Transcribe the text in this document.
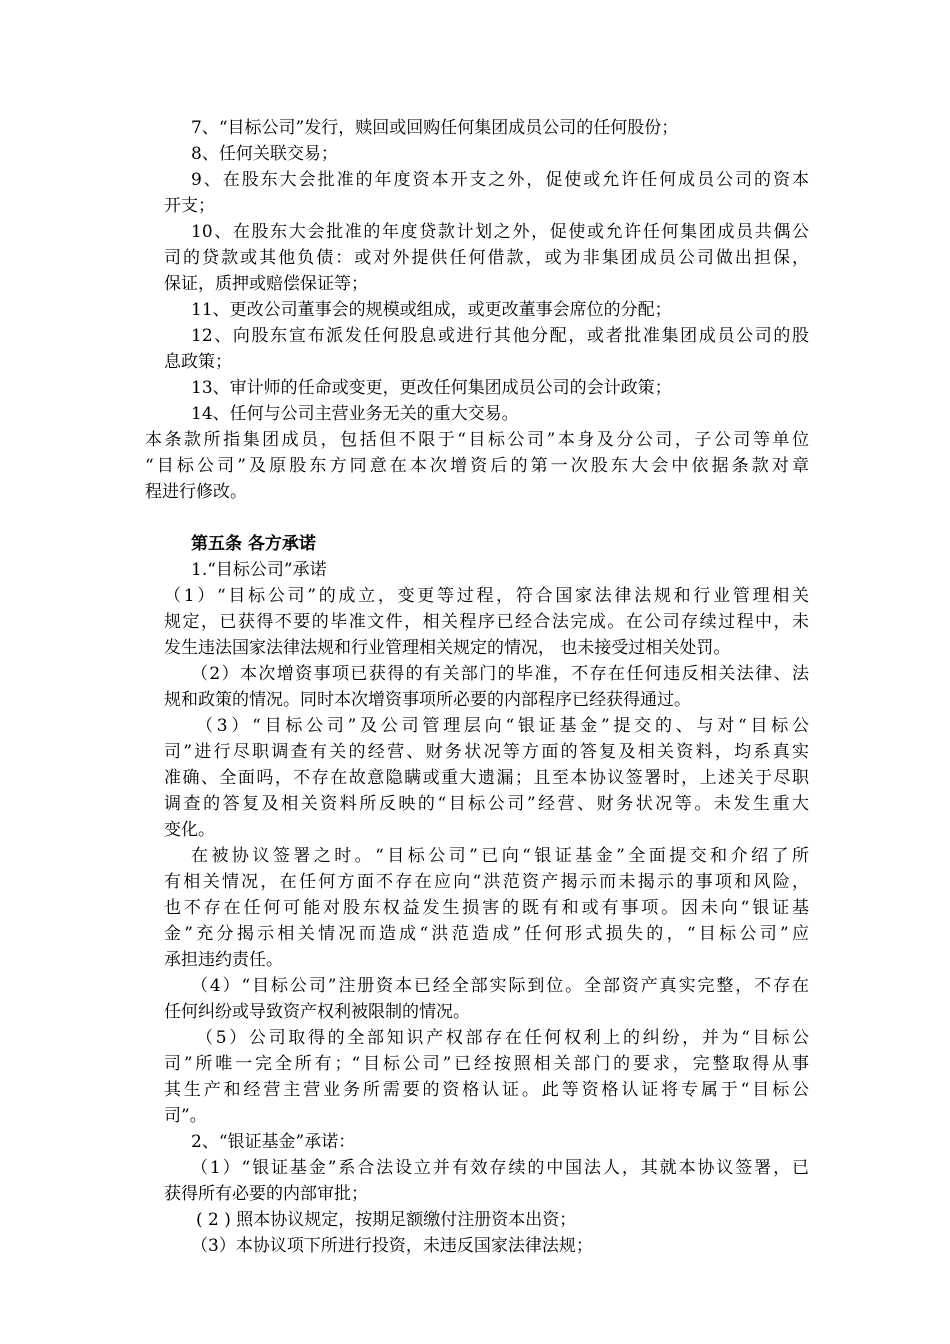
7、“目标公司”发行，赎回或回购任何集团成员公司的任何股份；
8、任何关联交易；
9、在股东大会批准的年度资本开支之外，促使或允许任何成员公司的资本
开支；
10、在股东大会批准的年度贷款计划之外，促使或允许任何集团成员共偶公
司的贷款或其他负债：或对外提供任何借款，或为非集团成员公司做出担保，
保证，质押或赔偿保证等；
11、更改公司董事会的规模或组成，或更改董事会席位的分配；
12、向股东宣布派发任何股息或进行其他分配，或者批准集团成员公司的股
息政策；
13、审计师的任命或变更，更改任何集团成员公司的会计政策；
14、任何与公司主营业务无关的重大交易。
本条款所指集团成员，包括但不限于“目标公司”本身及分公司，子公司等单位
“目标公司”及原股东方同意在本次增资后的第一次股东大会中依据条款对章
程进行修改。
第五条 各方承诺
1.“目标公司”承诺
（1）“目标公司”的成立，变更等过程，符合国家法律法规和行业管理相关
规定，已获得不要的毕准文件，相关程序已经合法完成。在公司存续过程中，未
发生违法国家法律法规和行业管理相关规定的情况， 也未接受过相关处罚。
（2）本次增资事项已获得的有关部门的毕准，不存在任何违反相关法律、法
规和政策的情况。同时本次增资事项所必要的内部程序已经获得通过。
（3）“目标公司”及公司管理层向“银证基金”提交的、与对“目标公
司”进行尽职调查有关的经营、财务状况等方面的答复及相关资料，均系真实
准确、全面吗，不存在故意隐瞒或重大遗漏；且至本协议签署时，上述关于尽职
调查的答复及相关资料所反映的“目标公司”经营、财务状况等。未发生重大
变化。
在被协议签署之时。“目标公司”已向“银证基金”全面提交和介绍了所
有相关情况，在任何方面不存在应向“洪范资产揭示而未揭示的事项和风险，
也不存在任何可能对股东权益发生损害的既有和或有事项。因未向“银证基
金”充分揭示相关情况而造成“洪范造成”任何形式损失的，“目标公司”应
承担违约责任。
（4）“目标公司”注册资本已经全部实际到位。全部资产真实完整，不存在
任何纠纷或导致资产权利被限制的情况。
（5）公司取得的全部知识产权部存在任何权利上的纠纷，并为“目标公
司”所唯一完全所有；“目标公司”已经按照相关部门的要求，完整取得从事
其生产和经营主营业务所需要的资格认证。此等资格认证将专属于“目标公
司”。
2、“银证基金”承诺：
（1）“银证基金”系合法设立并有效存续的中国法人，其就本协议签署，已
获得所有必要的内部审批；
( 2 ) 照本协议规定，按期足额缴付注册资本出资；
（3）本协议项下所进行投资，未违反国家法律法规；
